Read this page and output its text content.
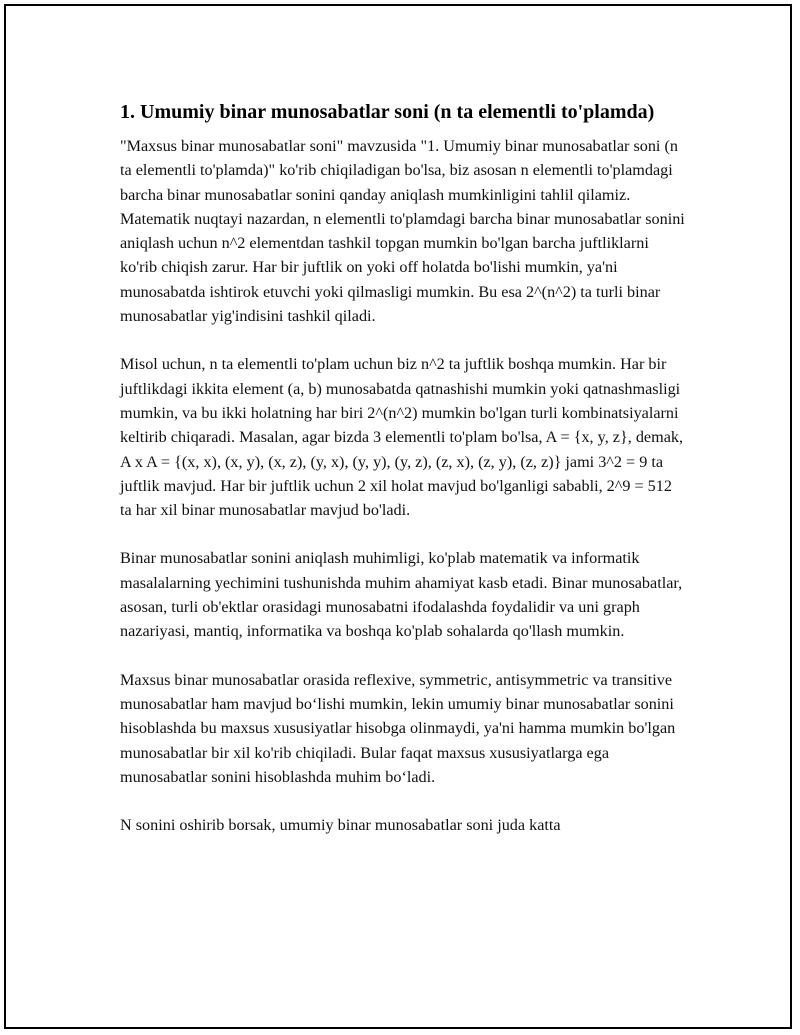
1. Umumiy binar munosabatlar soni (n ta elementli to'plamda)

"Maxsus binar munosabatlar soni" mavzusida "1. Umumiy binar munosabatlar soni (n ta elementli to'plamda)" ko'rib chiqiladigan bo'lsa, biz asosan n elementli to'plamdagi barcha binar munosabatlar sonini qanday aniqlash mumkinligini tahlil qilamiz. Matematik nuqtayi nazardan, n elementli to'plamdagi barcha binar munosabatlar sonini aniqlash uchun n^2 elementdan tashkil topgan mumkin bo'lgan barcha juftliklarni ko'rib chiqish zarur. Har bir juftlik on yoki off holatda bo'lishi mumkin, ya'ni munosabatda ishtirok etuvchi yoki qilmasligi mumkin. Bu esa 2^(n^2) ta turli binar munosabatlar yig'indisini tashkil qiladi.

Misol uchun, n ta elementli to'plam uchun biz n^2 ta juftlik boshqa mumkin. Har bir juftlikdagi ikkita element (a, b) munosabatda qatnashishi mumkin yoki qatnashmasligi mumkin, va bu ikki holatning har biri 2^(n^2) mumkin bo'lgan turli kombinatsiyalarni keltirib chiqaradi. Masalan, agar bizda 3 elementli to'plam bo'lsa, A = {x, y, z}, demak, A x A = {(x, x), (x, y), (x, z), (y, x), (y, y), (y, z), (z, x), (z, y), (z, z)} jami 3^2 = 9 ta juftlik mavjud. Har bir juftlik uchun 2 xil holat mavjud bo'lganligi sababli, 2^9 = 512 ta har xil binar munosabatlar mavjud bo'ladi.

Binar munosabatlar sonini aniqlash muhimligi, ko'plab matematik va informatik masalalarning yechimini tushunishda muhim ahamiyat kasb etadi. Binar munosabatlar, asosan, turli ob'ektlar orasidagi munosabatni ifodalashda foydalidir va uni graph nazariyasi, mantiq, informatika va boshqa ko'plab sohalarda qo'llash mumkin.

Maxsus binar munosabatlar orasida reflexive, symmetric, antisymmetric va transitive munosabatlar ham mavjud bo‘lishi mumkin, lekin umumiy binar munosabatlar sonini hisoblashda bu maxsus xususiyatlar hisobga olinmaydi, ya'ni hamma mumkin bo'lgan munosabatlar bir xil ko'rib chiqiladi. Bular faqat maxsus xususiyatlarga ega munosabatlar sonini hisoblashda muhim bo‘ladi.

N sonini oshirib borsak, umumiy binar munosabatlar soni juda katta
